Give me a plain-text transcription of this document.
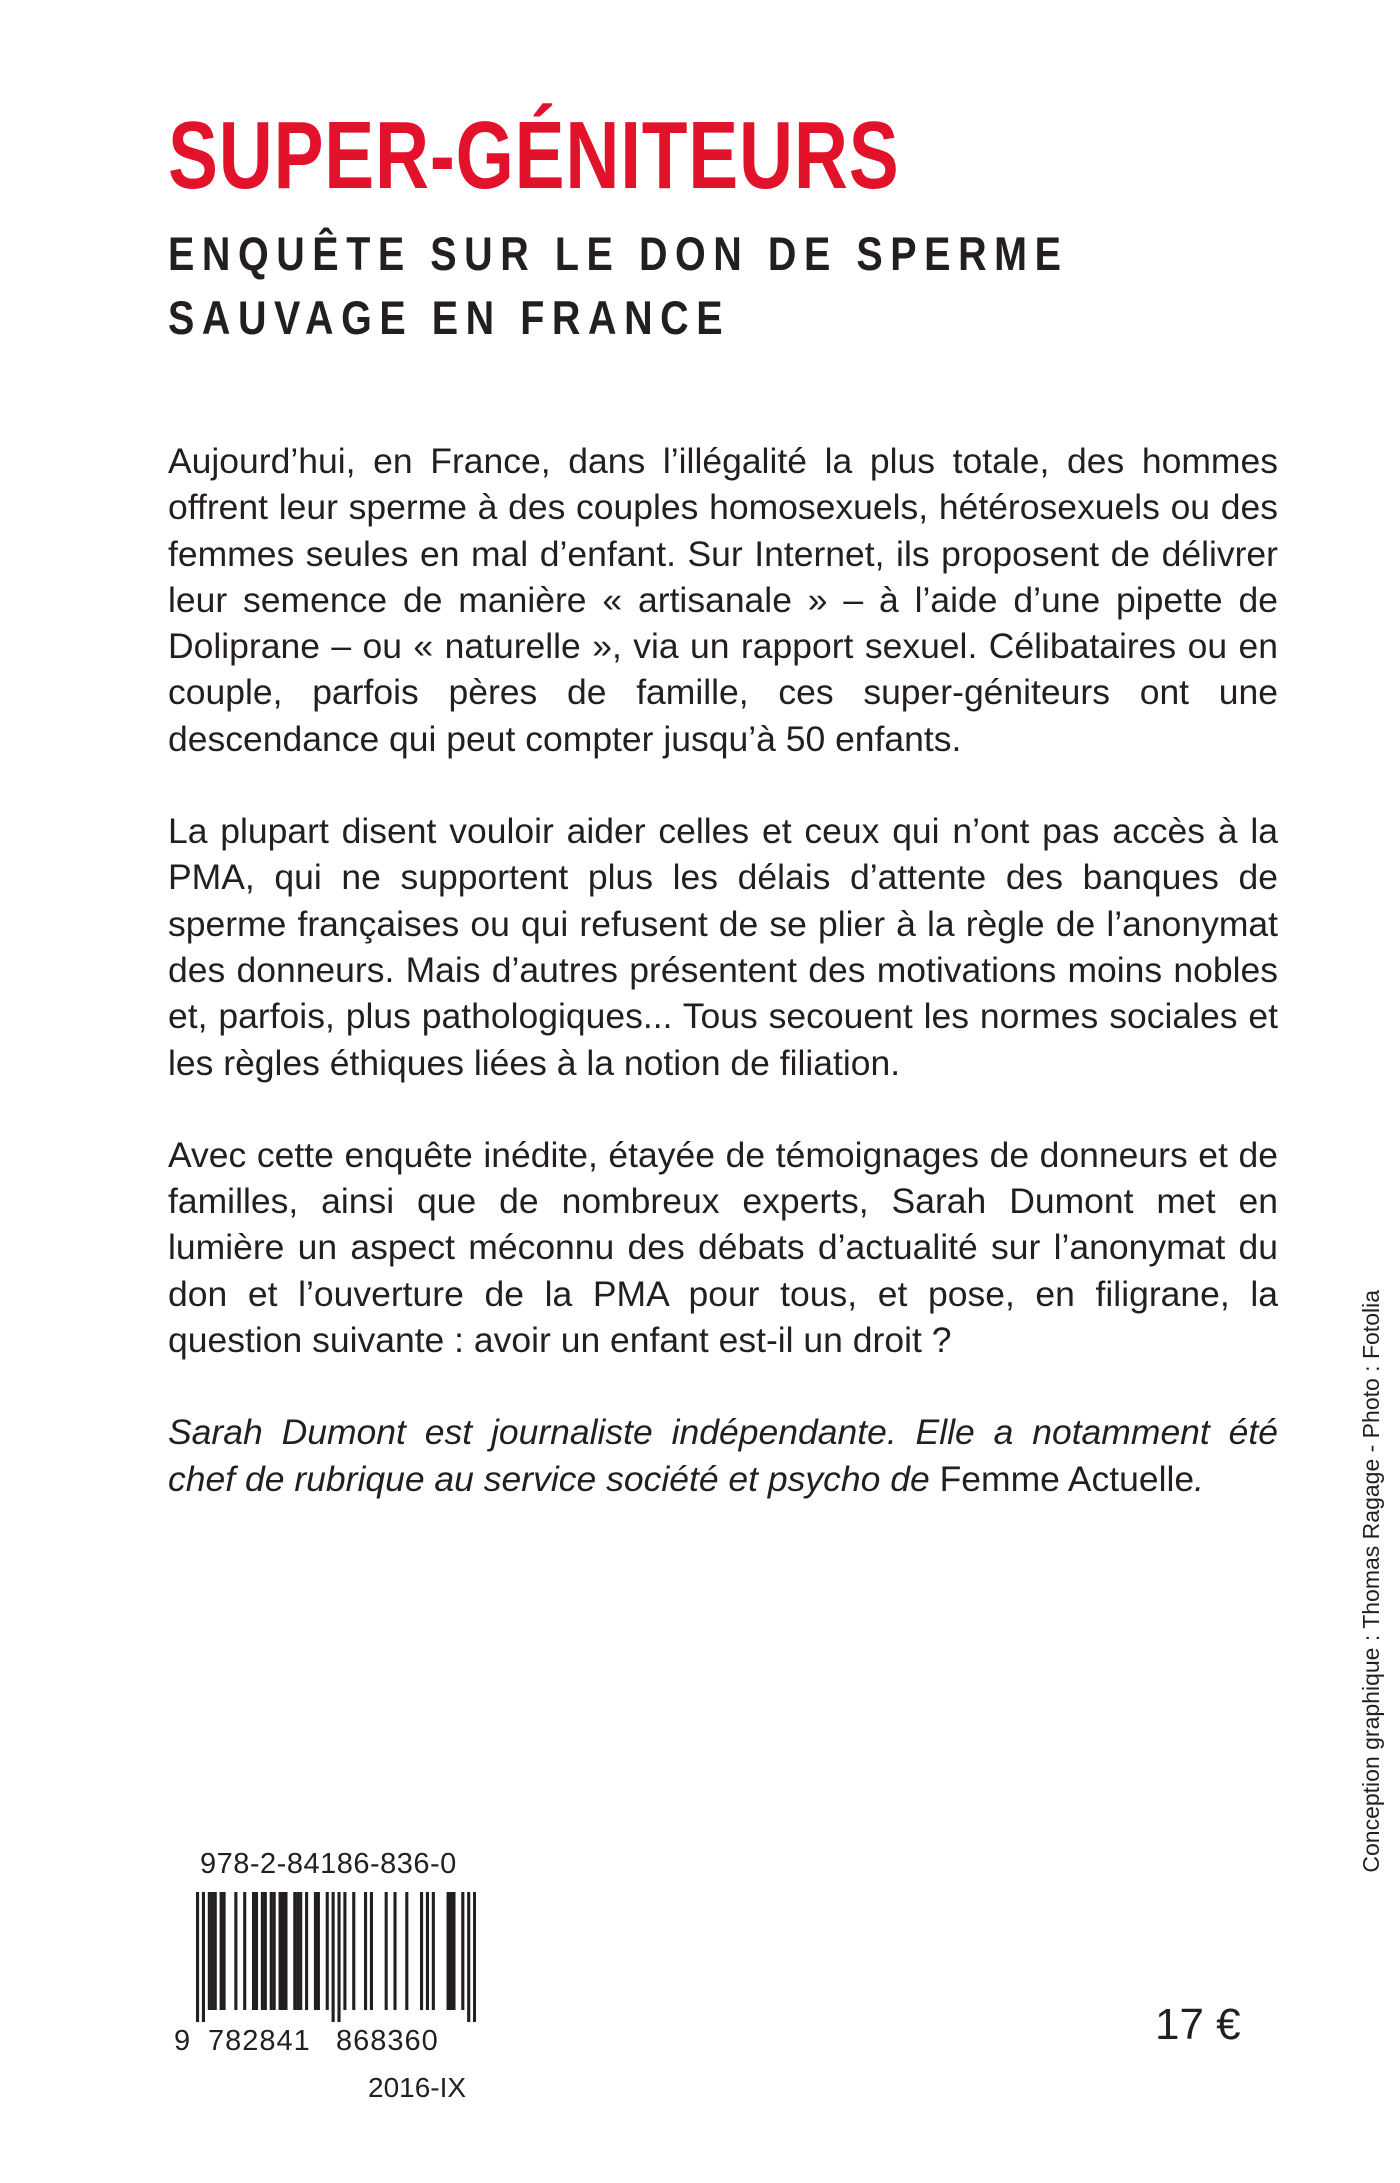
SUPER-GÉNITEURS
ENQUÊTE SUR LE DON DE SPERME
SAUVAGE EN FRANCE

Aujourd’hui, en France, dans l’illégalité la plus totale, des hommes offrent leur sperme à des couples homosexuels, hétérosexuels ou des femmes seules en mal d’enfant. Sur Internet, ils proposent de délivrer leur semence de manière « artisanale » – à l’aide d’une pipette de Doliprane – ou « naturelle », via un rapport sexuel. Célibataires ou en couple, parfois pères de famille, ces super-géniteurs ont une descendance qui peut compter jusqu’à 50 enfants.

La plupart disent vouloir aider celles et ceux qui n’ont pas accès à la PMA, qui ne supportent plus les délais d’attente des banques de sperme françaises ou qui refusent de se plier à la règle de l’anonymat des donneurs. Mais d’autres présentent des motivations moins nobles et, parfois, plus pathologiques... Tous secouent les normes sociales et les règles éthiques liées à la notion de filiation.

Avec cette enquête inédite, étayée de témoignages de donneurs et de familles, ainsi que de nombreux experts, Sarah Dumont met en lumière un aspect méconnu des débats d’actualité sur l’anonymat du don et l’ouverture de la PMA pour tous, et pose, en filigrane, la question suivante : avoir un enfant est-il un droit ?

Sarah Dumont est journaliste indépendante. Elle a notamment été chef de rubrique au service société et psycho de Femme Actuelle.	Conception graphique : Thomas Ragage - Photo : Fotolia
978-2-84186-836-0
9 782841 868360
2016-IX
17 €
